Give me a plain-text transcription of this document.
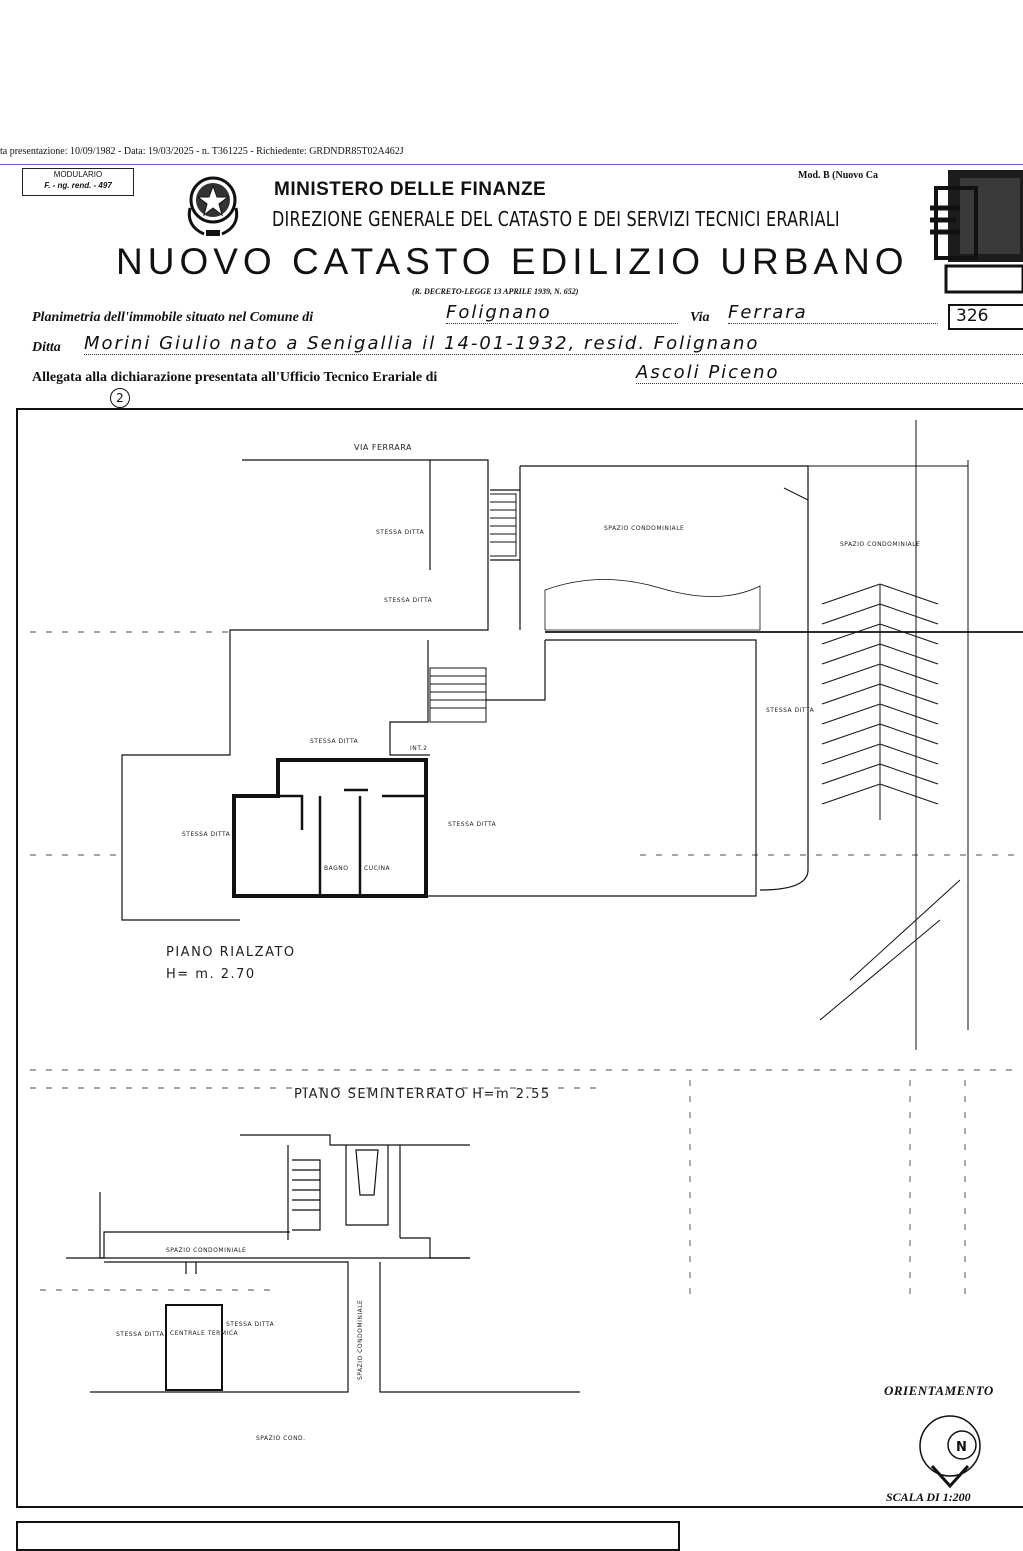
ta presentazione: 10/09/1982 - Data: 19/03/2025 - n. T361225 - Richiedente: GRDNDR85T02A462J
MODULARIO
F. - ng. rend. - 497
Mod. B (Nuovo Ca
MINISTERO DELLE FINANZE
DIREZIONE GENERALE DEL CATASTO E DEI SERVIZI TECNICI ERARIALI
NUOVO CATASTO EDILIZIO URBANO
(R. DECRETO-LEGGE 13 APRILE 1939, N. 652)
Planimetria dell'immobile situato nel Comune di	Folignano	Via Ferrara	326
Ditta Morini Giulio nato a Senigallia il 14-01-1932, resid. Folignano
Allegata alla dichiarazione presentata all'Ufficio Tecnico Erariale di	Ascoli Piceno
2
VIA FERRARA
SPAZIO CONDOMINIALE
SPAZIO CONDOMINIALE
STESSA DITTA
STESSA DITTA
STESSA DITTA
STESSA DITTA
STESSA DITTA
STESSA DITTA
INT.2
BAGNO	CUCINA
PIANO RIALZATO
H= m. 2.70
PIANO SEMINTERRATO H=m 2.55
SPAZIO CONDOMINIALE
CENTRALE TERMICA
STESSA DITTA
STESSA DITTA	SPAZIO CONDOMINIALE
SPAZIO COND.
N
ORIENTAMENTO
SCALA DI 1:200
